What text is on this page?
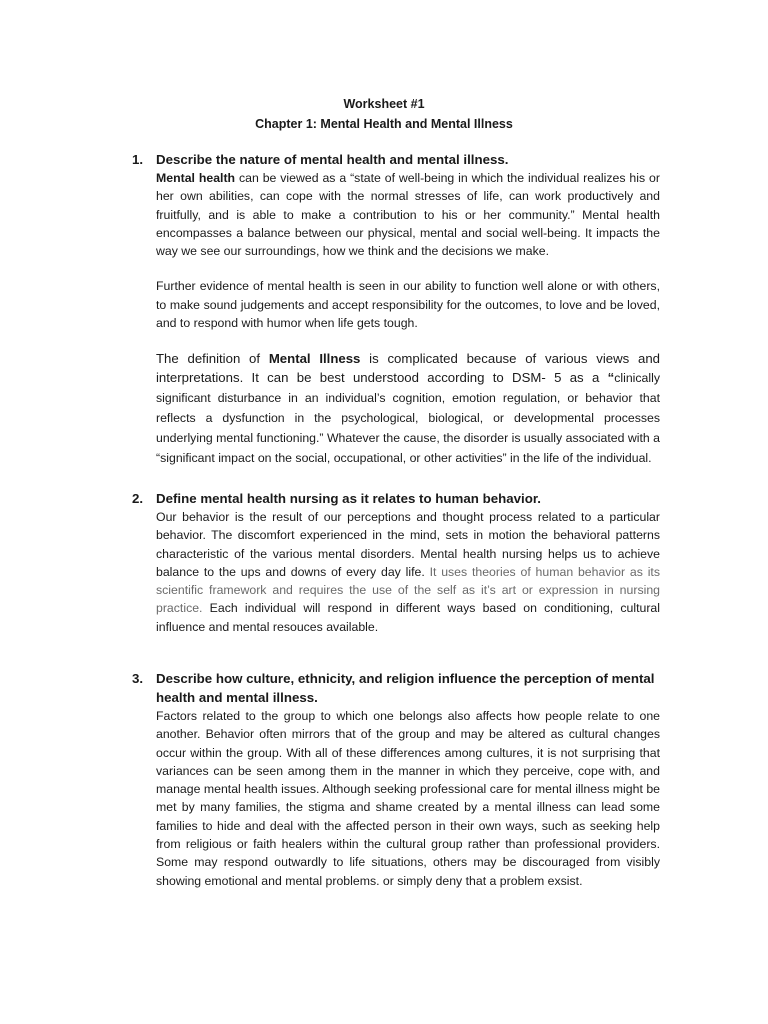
Worksheet #1
Chapter 1: Mental Health and Mental Illness
1. Describe the nature of mental health and mental illness.

Mental health can be viewed as a “state of well-being in which the individual realizes his or her own abilities, can cope with the normal stresses of life, can work productively and fruitfully, and is able to make a contribution to his or her community.” Mental health encompasses a balance between our physical, mental and social well-being. It impacts the way we see our surroundings, how we think and the decisions we make.

Further evidence of mental health is seen in our ability to function well alone or with others, to make sound judgements and accept responsibility for the outcomes, to love and be loved, and to respond with humor when life gets tough.

The definition of Mental Illness is complicated because of various views and interpretations. It can be best understood according to DSM- 5 as a “clinically significant disturbance in an individual’s cognition, emotion regulation, or behavior that reflects a dysfunction in the psychological, biological, or developmental processes underlying mental functioning.” Whatever the cause, the disorder is usually associated with a “significant impact on the social, occupational, or other activities” in the life of the individual.

2. Define mental health nursing as it relates to human behavior.

Our behavior is the result of our perceptions and thought process related to a particular behavior. The discomfort experienced in the mind, sets in motion the behavioral patterns characteristic of the various mental disorders. Mental health nursing helps us to achieve balance to the ups and downs of every day life. It uses theories of human behavior as its scientific framework and requires the use of the self as it’s art or expression in nursing practice. Each individual will respond in different ways based on conditioning, cultural influence and mental resouces available.

3. Describe how culture, ethnicity, and religion influence the perception of mental health and mental illness.

Factors related to the group to which one belongs also affects how people relate to one another. Behavior often mirrors that of the group and may be altered as cultural changes occur within the group. With all of these differences among cultures, it is not surprising that variances can be seen among them in the manner in which they perceive, cope with, and manage mental health issues. Although seeking professional care for mental illness might be met by many families, the stigma and shame created by a mental illness can lead some families to hide and deal with the affected person in their own ways, such as seeking help from religious or faith healers within the cultural group rather than professional providers. Some may respond outwardly to life situations, others may be discouraged from visibly showing emotional and mental problems. or simply deny that a problem exsist.
